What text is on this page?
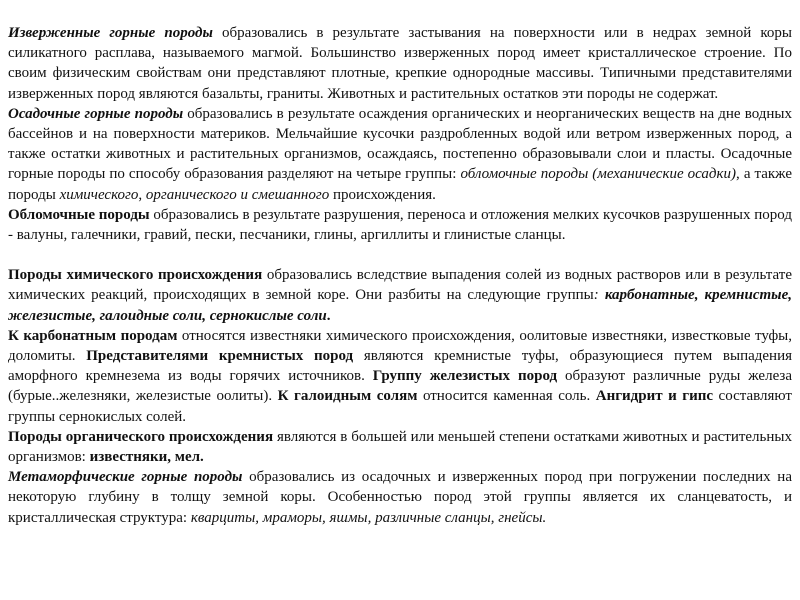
Изверженные горные породы образовались в результате застывания на поверхности или в недрах земной коры силикатного расплава, называемого магмой. Большинство изверженных пород имеет кристаллическое строение. По своим физическим свойствам они представляют плотные, крепкие однородные массивы. Типичными представителями изверженных пород являются базальты, граниты. Животных и растительных остатков эти породы не содержат.

Осадочные горные породы образовались в результате осаждения органических и неорганических веществ на дне водных бассейнов и на поверхности материков. Мельчайшие кусочки раздробленных водой или ветром изверженных пород, а также остатки животных и растительных организмов, осаждаясь, постепенно образовывали слои и пласты. Осадочные горные породы по способу образования разделяют на четыре группы: обломочные породы (механические осадки), а также породы химического, органического и смешанного происхождения.

Обломочные породы образовались в результате разрушения, переноса и отложения мелких кусочков разрушенных пород - валуны, галечники, гравий, пески, песчаники, глины, аргиллиты и глинистые сланцы.

Породы химического происхождения образовались вследствие выпадения солей из водных растворов или в результате химических реакций, происходящих в земной коре. Они разбиты на следующие группы: карбонатные, кремнистые, железистые, галоидные соли, сернокислые соли.

К карбонатным породам относятся известняки химического происхождения, оолитовые известняки, известковые туфы, доломиты. Представителями кремнистых пород являются кремнистые туфы, образующиеся путем выпадения аморфного кремнезема из воды горячих источников. Группу железистых пород образуют различные руды железа (бурые..железняки, железистые оолиты). К галоидным солям относится каменная соль. Ангидрит и гипс составляют группы сернокислых солей.

Породы органического происхождения являются в большей или меньшей степени остатками животных и растительных организмов: известняки, мел.

Метаморфические горные породы образовались из осадочных и изверженных пород при погружении последних на некоторую глубину в толщу земной коры. Особенностью пород этой группы является их сланцеватость, и кристаллическая структура: кварциты, мраморы, яшмы, различные сланцы, гнейсы.
